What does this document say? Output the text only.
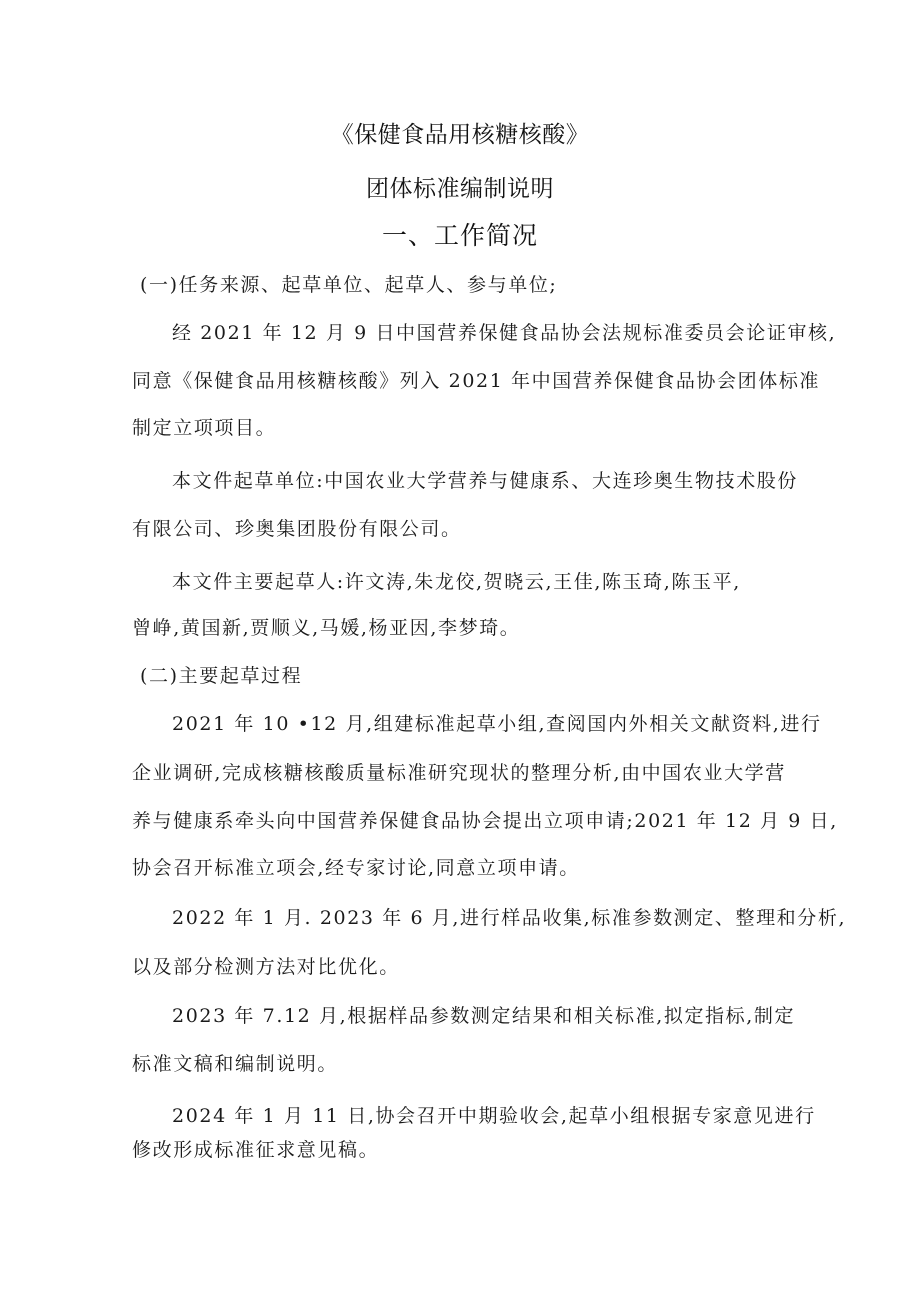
《保健食品用核糖核酸》
团体标准编制说明
一、工作简况
(一)任务来源、起草单位、起草人、参与单位;
经 2021 年 12 月 9 日中国营养保健食品协会法规标准委员会论证审核,
同意《保健食品用核糖核酸》列入 2021 年中国营养保健食品协会团体标准
制定立项项目。
本文件起草单位:中国农业大学营养与健康系、大连珍奥生物技术股份
有限公司、珍奥集团股份有限公司。
本文件主要起草人:许文涛,朱龙佼,贺晓云,王佳,陈玉琦,陈玉平,
曾峥,黄国新,贾顺义,马媛,杨亚因,李梦琦。
(二)主要起草过程
2021 年 10 •12 月,组建标准起草小组,查阅国内外相关文献资料,进行
企业调研,完成核糖核酸质量标准研究现状的整理分析,由中国农业大学营
养与健康系牵头向中国营养保健食品协会提出立项申请;2021 年 12 月 9 日,
协会召开标准立项会,经专家讨论,同意立项申请。
2022 年 1 月. 2023 年 6 月,进行样品收集,标准参数测定、整理和分析,
以及部分检测方法对比优化。
2023 年 7.12 月,根据样品参数测定结果和相关标准,拟定指标,制定
标准文稿和编制说明。
2024 年 1 月 11 日,协会召开中期验收会,起草小组根据专家意见进行
修改形成标准征求意见稿。
